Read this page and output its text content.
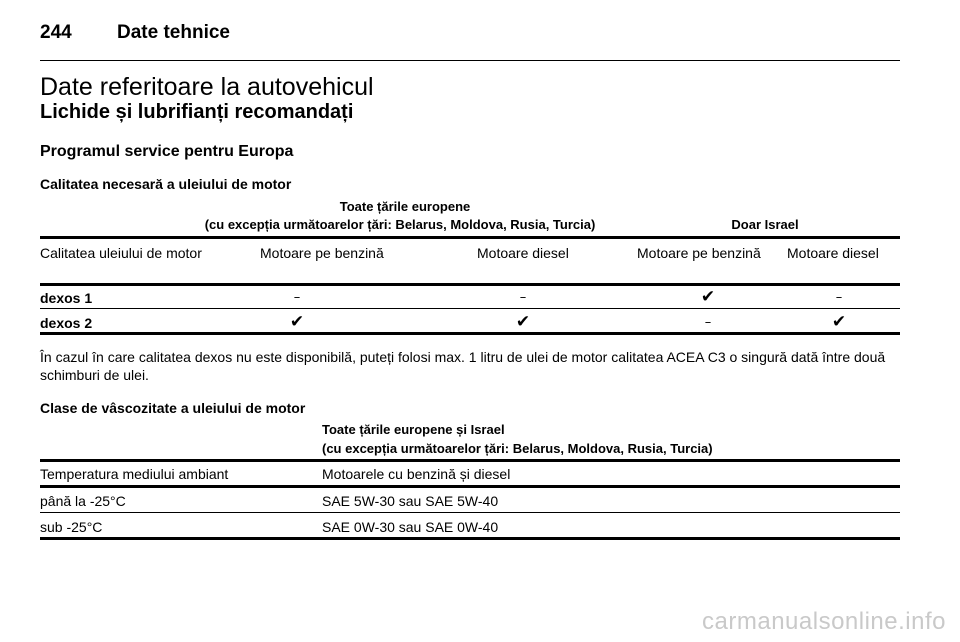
244 Date tehnice
Date referitoare la autovehicul
Lichide și lubrifianți recomandați
Programul service pentru Europa
Calitatea necesară a uleiului de motor
Toate țările europene
(cu excepția următoarelor țări: Belarus, Moldova, Rusia, Turcia)	Doar Israel
Calitatea uleiului de motor	Motoare pe benzină	Motoare diesel	Motoare pe benzină Motoare diesel
dexos 1	–	–	✔	–
dexos 2	✔	✔	–	✔
În cazul în care calitatea dexos nu este disponibilă, puteți folosi max. 1 litru de ulei de motor calitatea ACEA C3 o singură dată între două schimburi de ulei.
Clase de vâscozitate a uleiului de motor
Toate țările europene și Israel
(cu excepția următoarelor țări: Belarus, Moldova, Rusia, Turcia)
Temperatura mediului ambiant	Motoarele cu benzină și diesel
până la -25°C	SAE 5W-30 sau SAE 5W-40
sub -25°C	SAE 0W-30 sau SAE 0W-40
carmanualsonline.info
